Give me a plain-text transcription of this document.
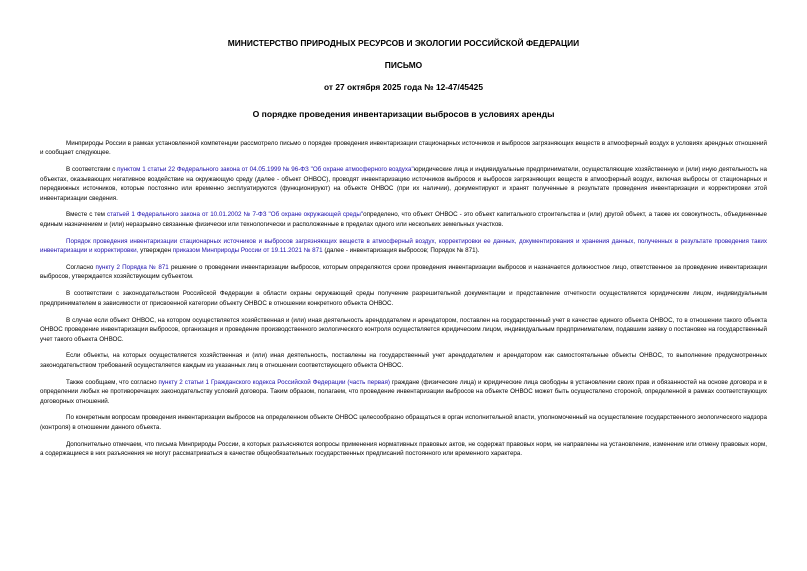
МИНИСТЕРСТВО ПРИРОДНЫХ РЕСУРСОВ И ЭКОЛОГИИ РОССИЙСКОЙ ФЕДЕРАЦИИ
ПИСЬМО
от 27 октября 2025 года № 12-47/45425
О порядке проведения инвентаризации выбросов в условиях аренды

Минприроды России в рамках установленной компетенции рассмотрело письмо о порядке проведения инвентаризации стационарных источников и выбросов загрязняющих веществ в атмосферный воздух в условиях арендных отношений и сообщает следующее.

В соответствии с пунктом 1 статьи 22 Федерального закона от 04.05.1999 № 96-ФЗ "Об охране атмосферного воздуха"юридические лица и индивидуальные предприниматели, осуществляющие хозяйственную и (или) иную деятельность на объектах, оказывающих негативное воздействие на окружающую среду (далее - объект ОНВОС), проводят инвентаризацию источников выбросов и выбросов загрязняющих веществ в атмосферный воздух, включая выбросы от стационарных и передвижных источников, которые постоянно или временно эксплуатируются (функционируют) на объекте ОНВОС (при их наличии), документируют и хранят полученные в результате проведения инвентаризации и корректировки этой инвентаризации сведения.

Вместе с тем статьей 1 Федерального закона от 10.01.2002 № 7-ФЗ "Об охране окружающей среды"определено, что объект ОНВОС - это объект капитального строительства и (или) другой объект, а также их совокупность, объединенные единым назначением и (или) неразрывно связанные физически или технологически и расположенные в пределах одного или нескольких земельных участков.

Порядок проведения инвентаризации стационарных источников и выбросов загрязняющих веществ в атмосферный воздух, корректировки ее данных, документирования и хранения данных, полученных в результате проведения таких инвентаризации и корректировки, утвержден приказом Минприроды России от 19.11.2021 № 871 (далее - инвентаризация выбросов; Порядок № 871).

Согласно пункту 2 Порядка № 871 решение о проведении инвентаризации выбросов, которым определяются сроки проведения инвентаризации выбросов и назначается должностное лицо, ответственное за проведение инвентаризации выбросов, утверждается хозяйствующим субъектом.

В соответствии с законодательством Российской Федерации в области охраны окружающей среды получение разрешительной документации и представление отчетности осуществляется юридическим лицом, индивидуальным предпринимателем в зависимости от присвоенной категории объекту ОНВОС в отношении конкретного объекта ОНВОС.

В случае если объект ОНВОС, на котором осуществляется хозяйственная и (или) иная деятельность арендодателем и арендатором, поставлен на государственный учет в качестве единого объекта ОНВОС, то в отношении такого объекта ОНВОС проведение инвентаризации выбросов, организация и проведение производственного экологического контроля осуществляется юридическим лицом, индивидуальным предпринимателем, подавшим заявку о постановке на государственный учет такого объекта ОНВОС.

Если объекты, на которых осуществляется хозяйственная и (или) иная деятельность, поставлены на государственный учет арендодателем и арендатором как самостоятельные объекты ОНВОС, то выполнение предусмотренных законодательством требований осуществляется каждым из указанных лиц в отношении соответствующего объекта ОНВОС.

Также сообщаем, что согласно пункту 2 статьи 1 Гражданского кодекса Российской Федерации (часть первая) граждане (физические лица) и юридические лица свободны в установлении своих прав и обязанностей на основе договора и в определении любых не противоречащих законодательству условий договора. Таким образом, полагаем, что проведение инвентаризации выбросов на объекте ОНВОС может быть осуществлено стороной, определенной в рамках соответствующих договорных отношений.

По конкретным вопросам проведения инвентаризации выбросов на определенном объекте ОНВОС целесообразно обращаться в орган исполнительной власти, уполномоченный на осуществление государственного экологического надзора (контроля) в отношении данного объекта.

Дополнительно отмечаем, что письма Минприроды России, в которых разъясняются вопросы применения нормативных правовых актов, не содержат правовых норм, не направлены на установление, изменение или отмену правовых норм, а содержащиеся в них разъяснения не могут рассматриваться в качестве общеобязательных государственных предписаний постоянного или временного характера.
